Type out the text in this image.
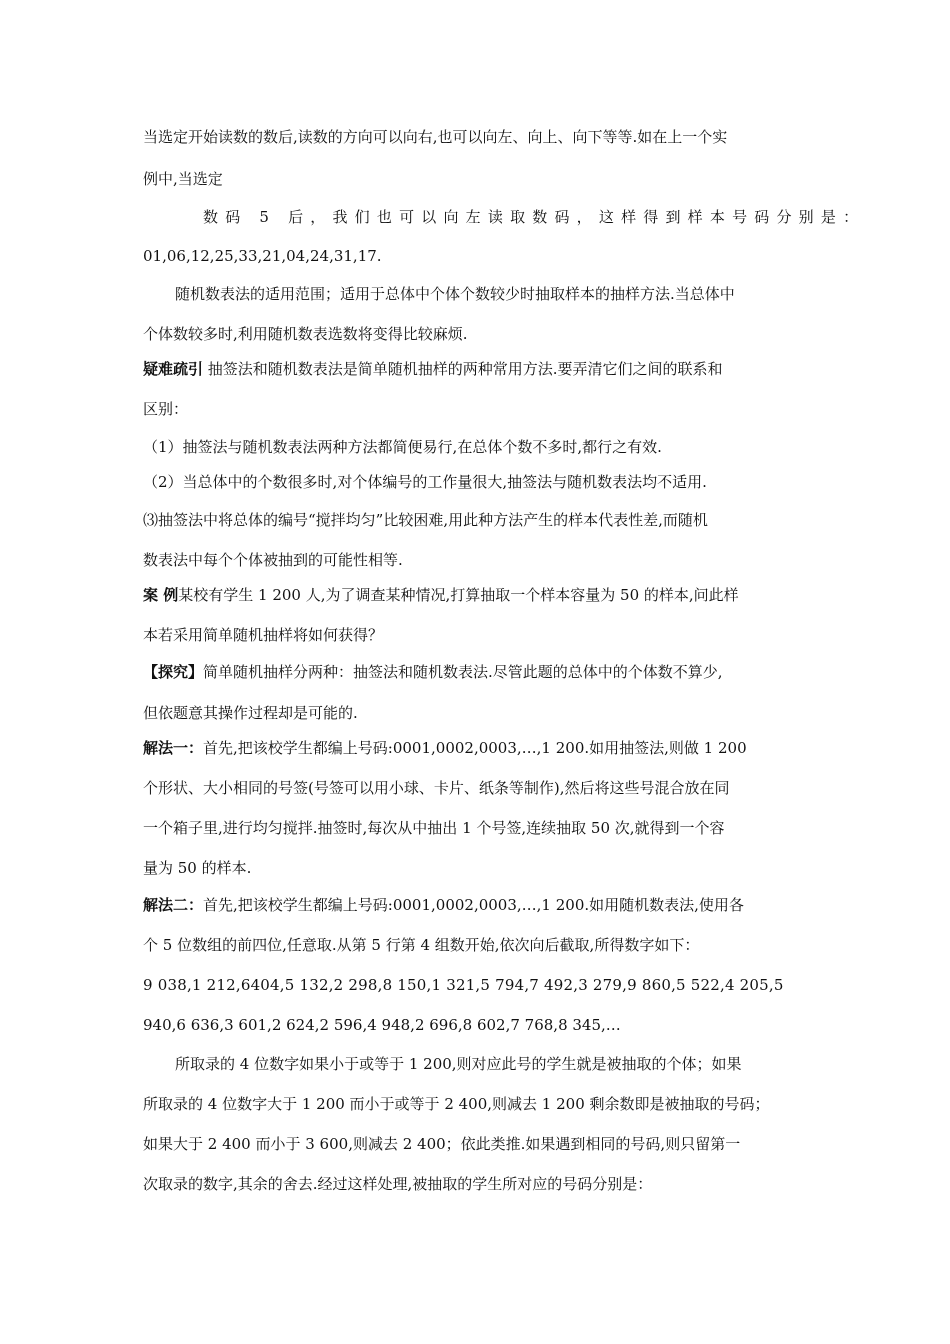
当选定开始读数的数后,读数的方向可以向右,也可以向左、向上、向下等等.如在上一个实
例中,当选定
数码 5 后，我们也可以向左读取数码，这样得到样本号码分别是：
01,06,12,25,33,21,04,24,31,17.
随机数表法的适用范围；适用于总体中个体个数较少时抽取样本的抽样方法.当总体中
个体数较多时,利用随机数表选数将变得比较麻烦.
疑难疏引 抽签法和随机数表法是简单随机抽样的两种常用方法.要弄清它们之间的联系和
区别：
（1）抽签法与随机数表法两种方法都简便易行,在总体个数不多时,都行之有效.
（2）当总体中的个数很多时,对个体编号的工作量很大,抽签法与随机数表法均不适用.
⑶抽签法中将总体的编号“搅拌均匀”比较困难,用此种方法产生的样本代表性差,而随机
数表法中每个个体被抽到的可能性相等.
案 例某校有学生 1 200 人,为了调查某种情况,打算抽取一个样本容量为 50 的样本,问此样
本若采用简单随机抽样将如何获得？
【探究】简单随机抽样分两种：抽签法和随机数表法.尽管此题的总体中的个体数不算少,
但依题意其操作过程却是可能的.
解法一：首先,把该校学生都编上号码:0001,0002,0003,…,1 200.如用抽签法,则做 1 200
个形状、大小相同的号签(号签可以用小球、卡片、纸条等制作),然后将这些号混合放在同
一个箱子里,进行均匀搅拌.抽签时,每次从中抽出 1 个号签,连续抽取 50 次,就得到一个容
量为 50 的样本.
解法二：首先,把该校学生都编上号码:0001,0002,0003,…,1 200.如用随机数表法,使用各
个 5 位数组的前四位,任意取.从第 5 行第 4 组数开始,依次向后截取,所得数字如下：
9 038,1 212,6404,5 132,2 298,8 150,1 321,5 794,7 492,3 279,9 860,5 522,4 205,5
940,6 636,3 601,2 624,2 596,4 948,2 696,8 602,7 768,8 345,…
所取录的 4 位数字如果小于或等于 1 200,则对应此号的学生就是被抽取的个体；如果
所取录的 4 位数字大于 1 200 而小于或等于 2 400,则减去 1 200 剩余数即是被抽取的号码；
如果大于 2 400 而小于 3 600,则减去 2 400；依此类推.如果遇到相同的号码,则只留第一
次取录的数字,其余的舍去.经过这样处理,被抽取的学生所对应的号码分别是：
